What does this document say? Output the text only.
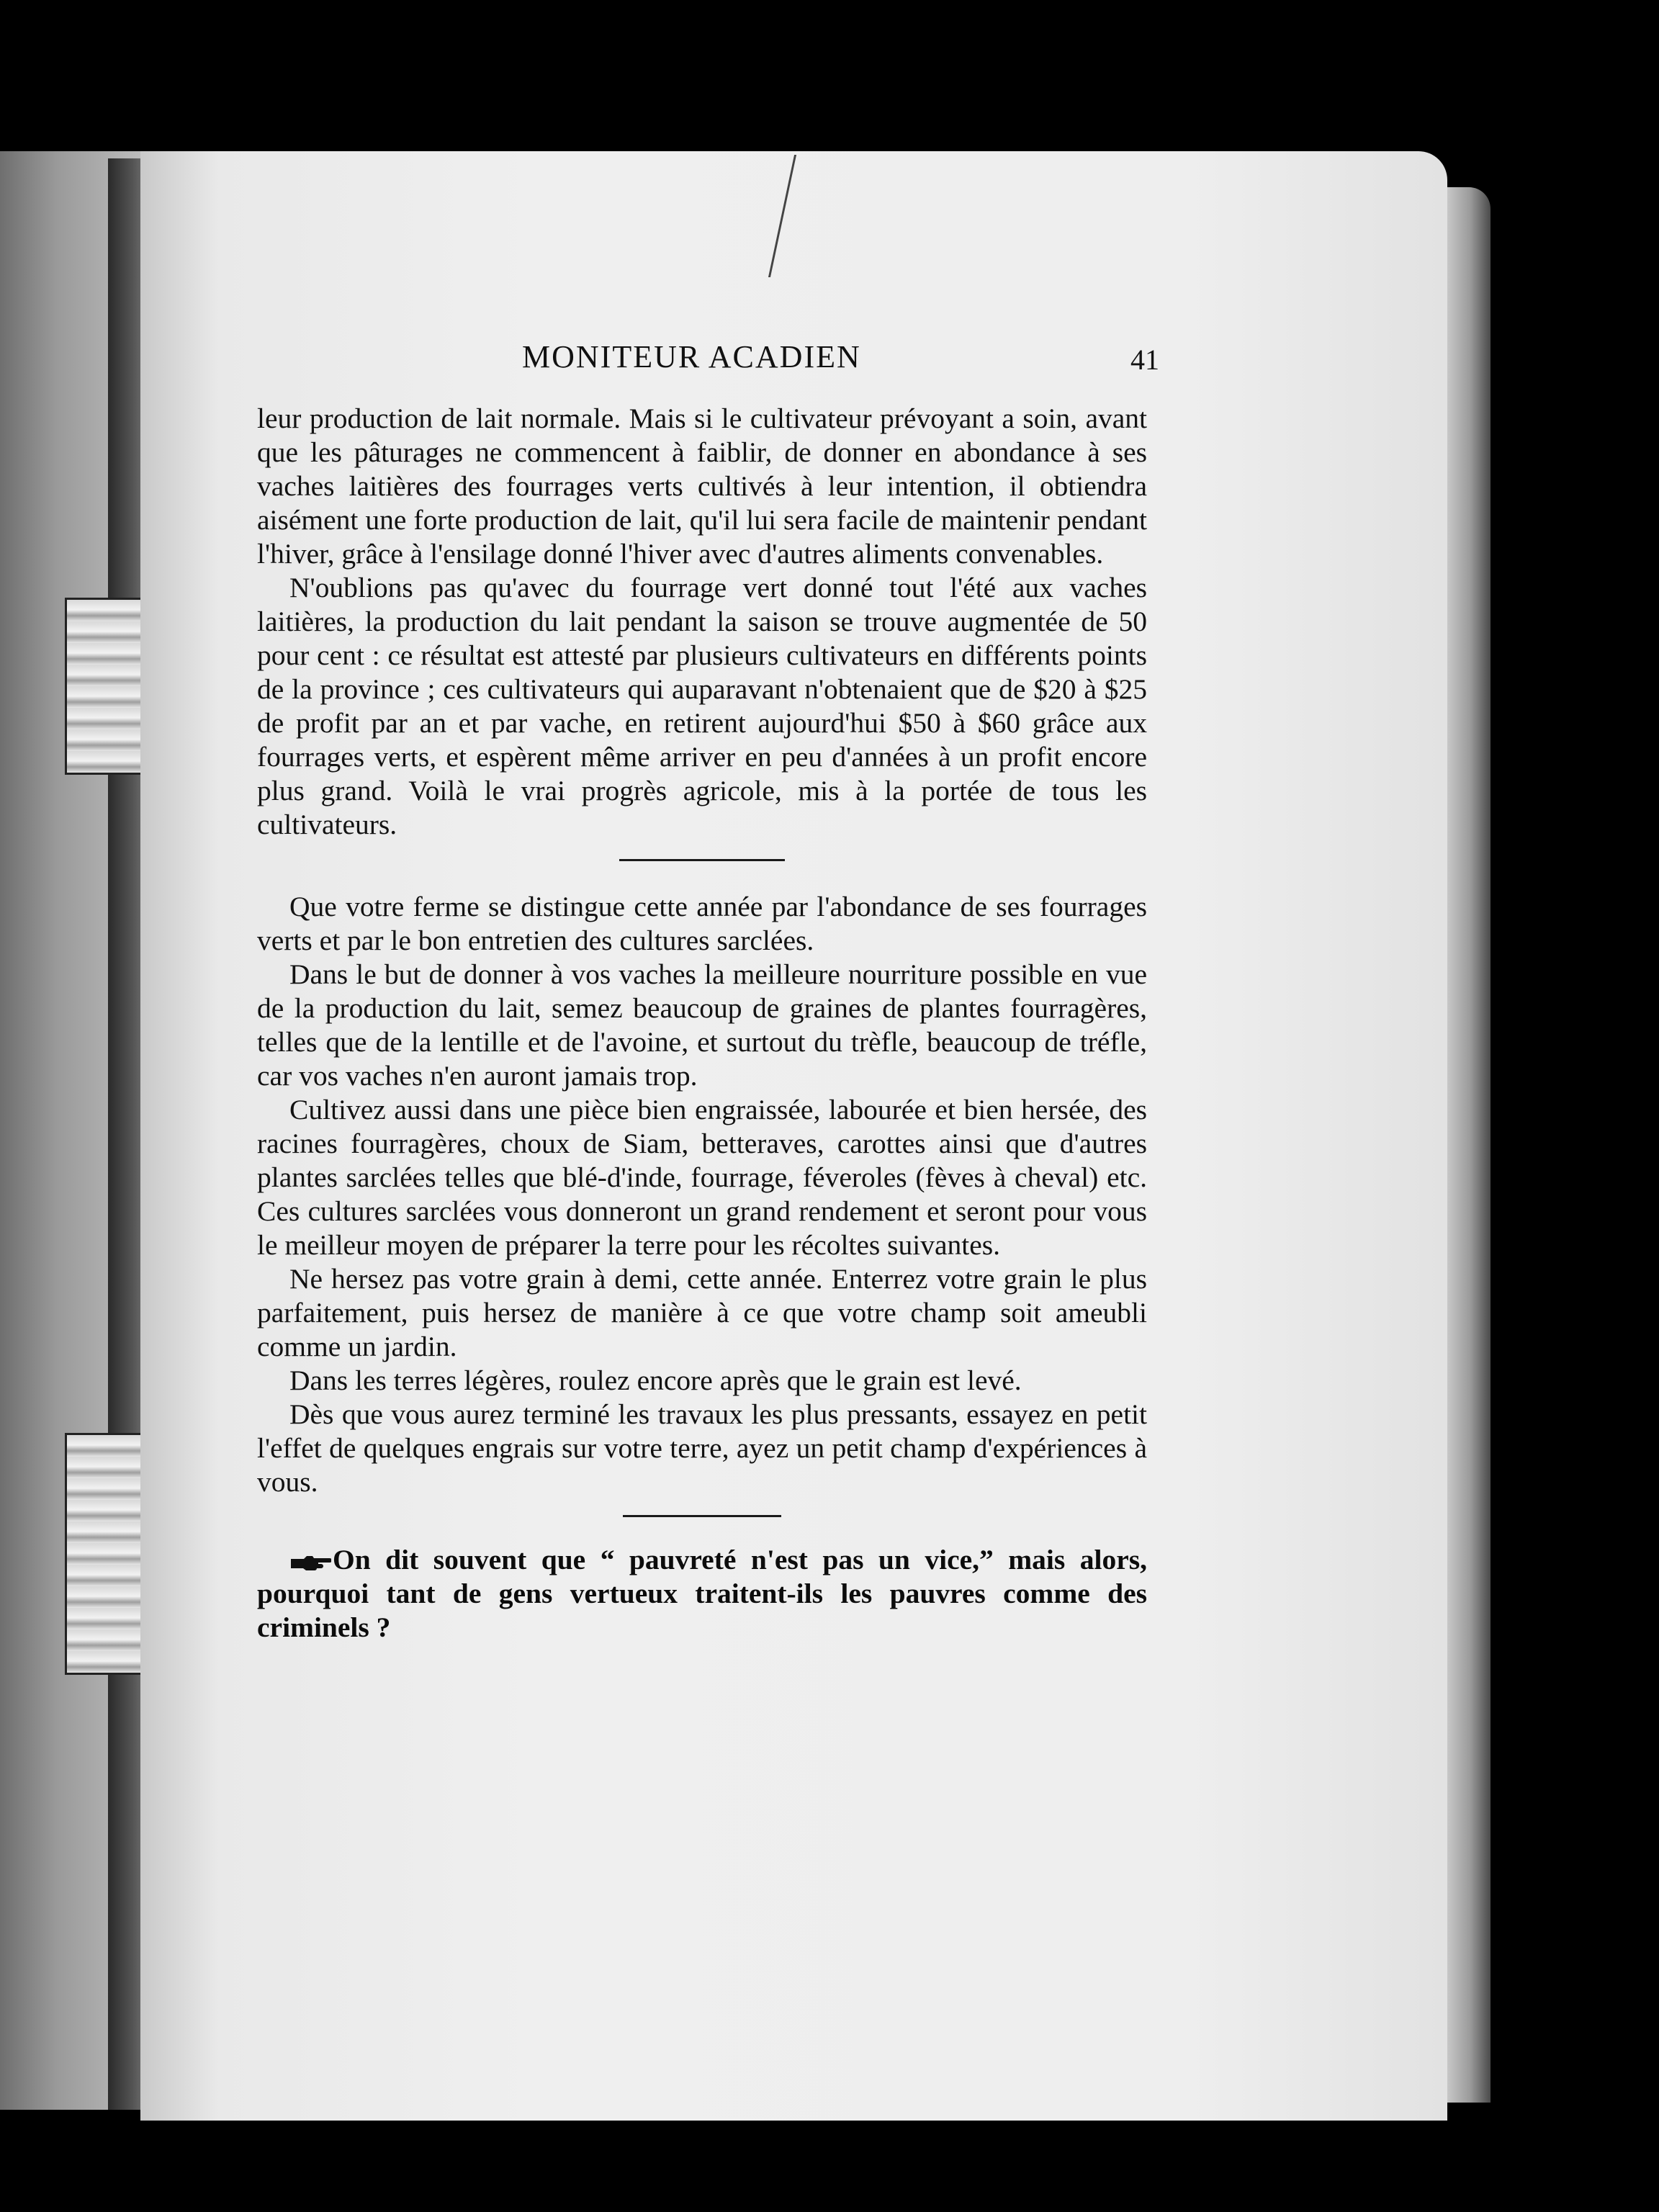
MONITEUR ACADIEN	41

leur production de lait normale. Mais si le cultivateur prévoyant a soin, avant que les pâturages ne commencent à faiblir, de donner en abondance à ses vaches laitières des fourrages verts cultivés à leur intention, il obtiendra aisément une forte production de lait, qu'il lui sera facile de maintenir pendant l'hiver, grâce à l'ensilage donné l'hiver avec d'autres aliments convenables.

N'oublions pas qu'avec du fourrage vert donné tout l'été aux vaches laitières, la production du lait pendant la saison se trouve augmentée de 50 pour cent : ce résultat est attesté par plusieurs cultivateurs en différents points de la province ; ces cultivateurs qui auparavant n'obtenaient que de $20 à $25 de profit par an et par vache, en retirent aujourd'hui $50 à $60 grâce aux fourrages verts, et espèrent même arriver en peu d'années à un profit encore plus grand. Voilà le vrai progrès agricole, mis à la portée de tous les cultivateurs.

Que votre ferme se distingue cette année par l'abondance de ses fourrages verts et par le bon entretien des cultures sarclées.

Dans le but de donner à vos vaches la meilleure nourriture possible en vue de la production du lait, semez beaucoup de graines de plantes fourragères, telles que de la lentille et de l'avoine, et surtout du trèfle, beaucoup de tréfle, car vos vaches n'en auront jamais trop.

Cultivez aussi dans une pièce bien engraissée, labourée et bien hersée, des racines fourragères, choux de Siam, betteraves, carottes ainsi que d'autres plantes sarclées telles que blé-d'inde, fourrage, féveroles (fèves à cheval) etc. Ces cultures sarclées vous donneront un grand rendement et seront pour vous le meilleur moyen de préparer la terre pour les récoltes suivantes.

Ne hersez pas votre grain à demi, cette année. Enterrez votre grain le plus parfaitement, puis hersez de manière à ce que votre champ soit ameubli comme un jardin.

Dans les terres légères, roulez encore après que le grain est levé.

Dès que vous aurez terminé les travaux les plus pressants, essayez en petit l'effet de quelques engrais sur votre terre, ayez un petit champ d'expériences à vous.

On dit souvent que “ pauvreté n'est pas un vice,” mais alors, pourquoi tant de gens vertueux traitent-ils les pauvres comme des criminels ?
